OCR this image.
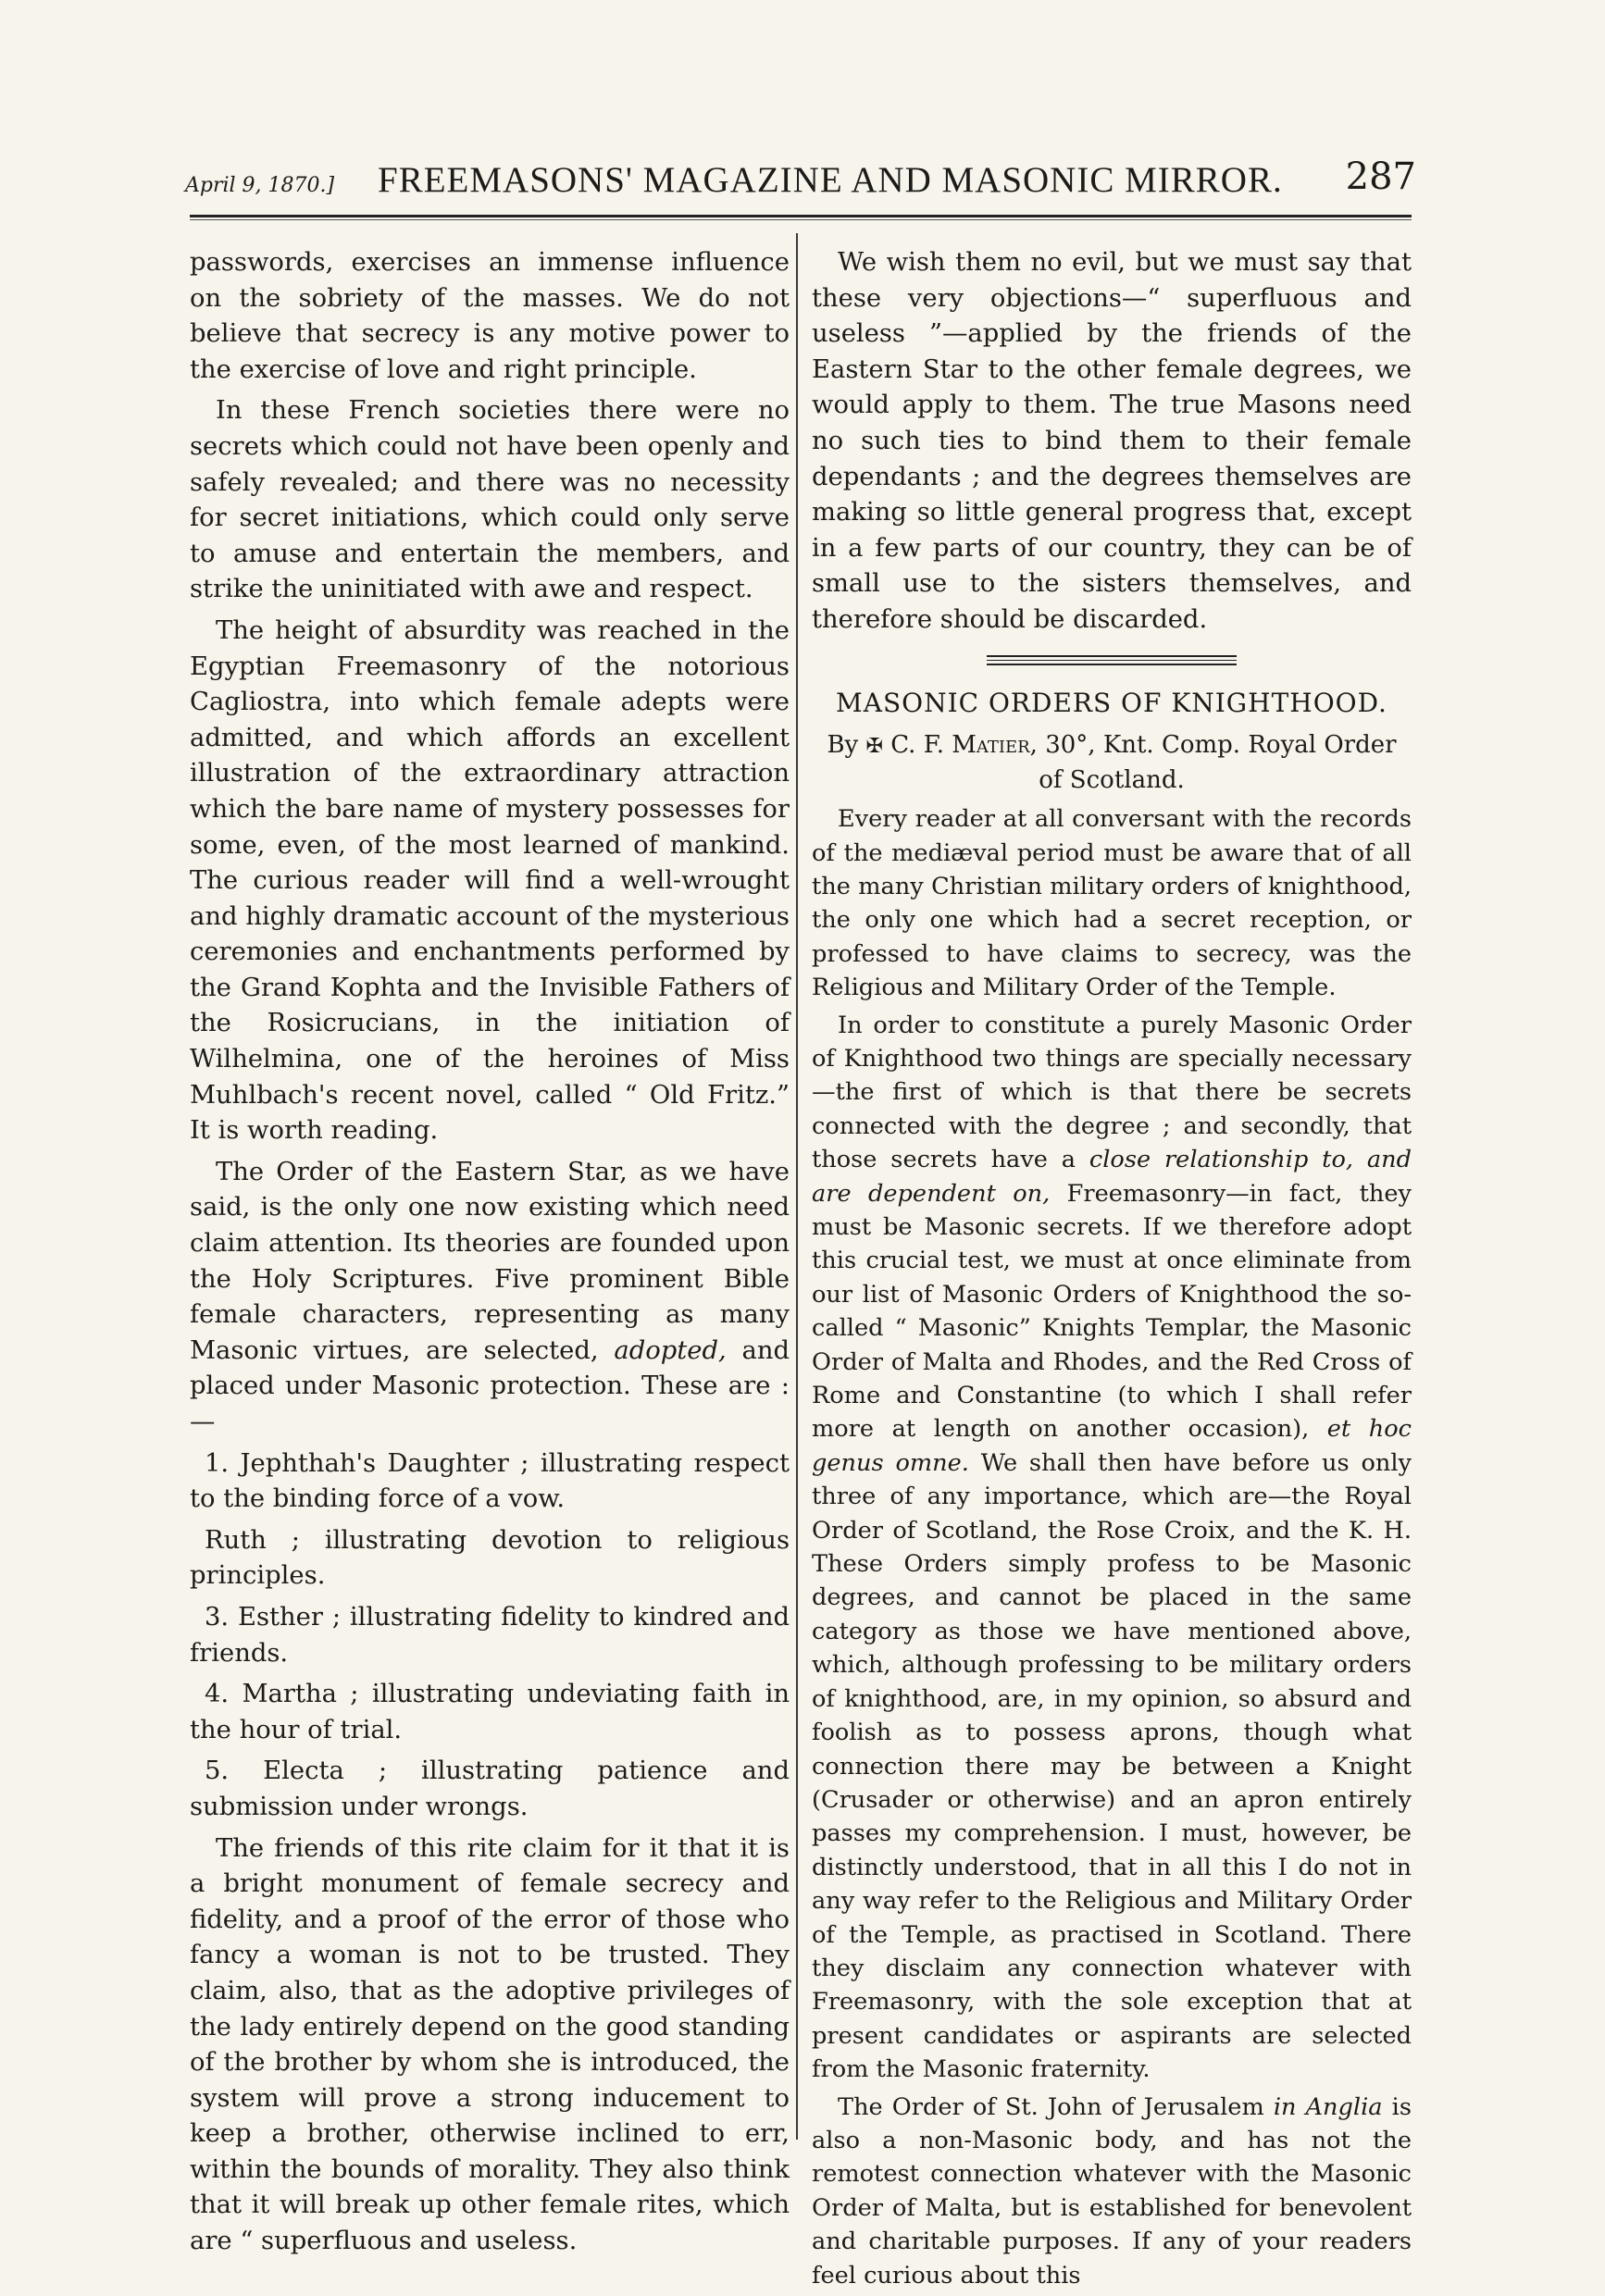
April 9, 1870.] FREEMASONS' MAGAZINE AND MASONIC MIRROR. 287

passwords, exercises an immense influence on the sobriety of the masses. We do not believe that secrecy is any motive power to the exercise of love and right principle.

In these French societies there were no secrets which could not have been openly and safely revealed; and there was no necessity for secret initiations, which could only serve to amuse and entertain the members, and strike the uninitiated with awe and respect.

The height of absurdity was reached in the Egyptian Freemasonry of the notorious Cagliostra, into which female adepts were admitted, and which affords an excellent illustration of the extraordinary attraction which the bare name of mystery possesses for some, even, of the most learned of mankind. The curious reader will find a well-wrought and highly dramatic account of the mysterious ceremonies and enchantments performed by the Grand Kophta and the Invisible Fathers of the Rosicrucians, in the initiation of Wilhelmina, one of the heroines of Miss Muhlbach's recent novel, called “ Old Fritz.” It is worth reading.

The Order of the Eastern Star, as we have said, is the only one now existing which need claim attention. Its theories are founded upon the Holy Scriptures. Five prominent Bible female characters, representing as many Masonic virtues, are selected, adopted, and placed under Masonic protection. These are :—

1. Jephthah's Daughter ; illustrating respect to the binding force of a vow.

Ruth ; illustrating devotion to religious principles.

3. Esther ; illustrating fidelity to kindred and friends.

4. Martha ; illustrating undeviating faith in the hour of trial.

5. Electa ; illustrating patience and submission under wrongs.

The friends of this rite claim for it that it is a bright monument of female secrecy and fidelity, and a proof of the error of those who fancy a woman is not to be trusted. They claim, also, that as the adoptive privileges of the lady entirely depend on the good standing of the brother by whom she is introduced, the system will prove a strong inducement to keep a brother, otherwise inclined to err, within the bounds of morality. They also think that it will break up other female rites, which are “ superfluous and useless.

We wish them no evil, but we must say that these very objections—“ superfluous and useless ”—applied by the friends of the Eastern Star to the other female degrees, we would apply to them. The true Masons need no such ties to bind them to their female dependants ; and the degrees themselves are making so little general progress that, except in a few parts of our country, they can be of small use to the sisters themselves, and therefore should be discarded.

MASONIC ORDERS OF KNIGHTHOOD.

By ✠ C. F. Matier, 30°, Knt. Comp. Royal Order of Scotland.

Every reader at all conversant with the records of the mediæval period must be aware that of all the many Christian military orders of knighthood, the only one which had a secret reception, or professed to have claims to secrecy, was the Religious and Military Order of the Temple.

In order to constitute a purely Masonic Order of Knighthood two things are specially necessary—the first of which is that there be secrets connected with the degree ; and secondly, that those secrets have a close relationship to, and are dependent on, Freemasonry—in fact, they must be Masonic secrets. If we therefore adopt this crucial test, we must at once eliminate from our list of Masonic Orders of Knighthood the so-called “ Masonic” Knights Templar, the Masonic Order of Malta and Rhodes, and the Red Cross of Rome and Constantine (to which I shall refer more at length on another occasion), et hoc genus omne. We shall then have before us only three of any importance, which are—the Royal Order of Scotland, the Rose Croix, and the K. H. These Orders simply profess to be Masonic degrees, and cannot be placed in the same category as those we have mentioned above, which, although professing to be military orders of knighthood, are, in my opinion, so absurd and foolish as to possess aprons, though what connection there may be between a Knight (Crusader or otherwise) and an apron entirely passes my comprehension. I must, however, be distinctly understood, that in all this I do not in any way refer to the Religious and Military Order of the Temple, as practised in Scotland. There they disclaim any connection whatever with Freemasonry, with the sole exception that at present candidates or aspirants are selected from the Masonic fraternity.

The Order of St. John of Jerusalem in Anglia is also a non-Masonic body, and has not the remotest connection whatever with the Masonic Order of Malta, but is established for benevolent and charitable purposes. If any of your readers feel curious about this
